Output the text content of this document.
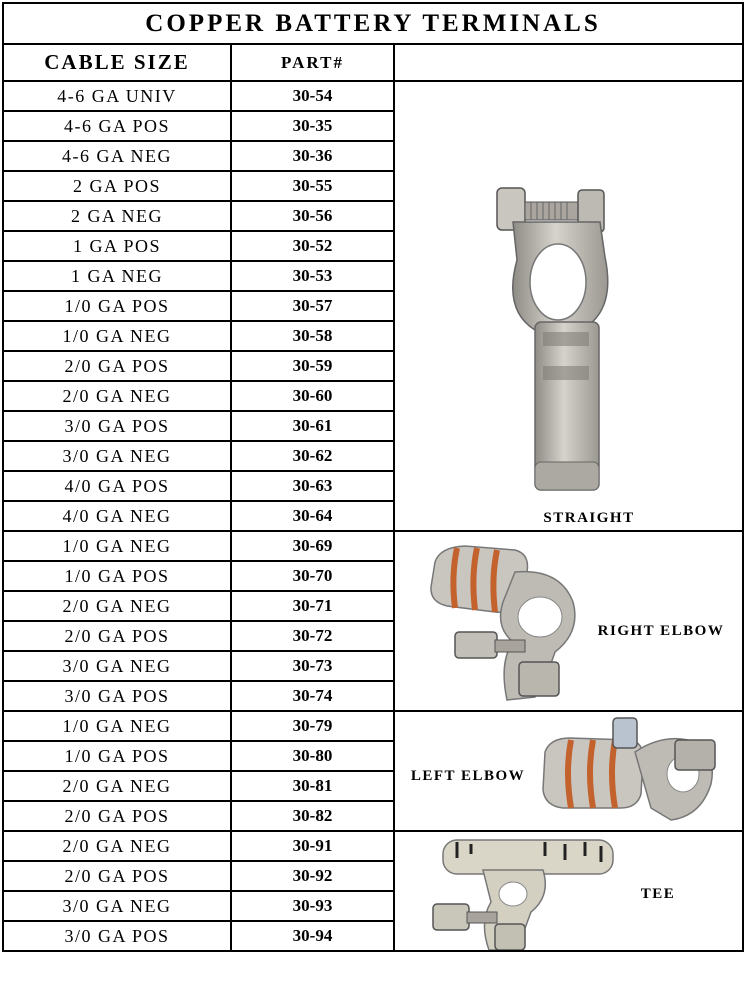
COPPER BATTERY TERMINALS		
CABLE SIZE	PART#	
4-6 GA UNIV	30-54	STRAIGHT

4-6 GA POS	30-35	
4-6 GA NEG	30-36	
2 GA POS	30-55	
2 GA NEG	30-56	
1 GA POS	30-52	
1 GA NEG	30-53	
1/0 GA POS	30-57	
1/0 GA NEG	30-58	
2/0 GA POS	30-59	
2/0 GA NEG	30-60	
3/0 GA POS	30-61	
3/0 GA NEG	30-62	
4/0 GA POS	30-63	
4/0 GA NEG	30-64	
1/0 GA NEG	30-69	RIGHT ELBOW

1/0 GA POS	30-70	
2/0 GA NEG	30-71	
2/0 GA POS	30-72	
3/0 GA NEG	30-73	
3/0 GA POS	30-74	
1/0 GA NEG	30-79	LEFT ELBOW

1/0 GA POS	30-80	
2/0 GA NEG	30-81	
2/0 GA POS	30-82	
2/0 GA NEG	30-91	TEE

2/0 GA POS	30-92	
3/0 GA NEG	30-93	
3/0 GA POS	30-94	
